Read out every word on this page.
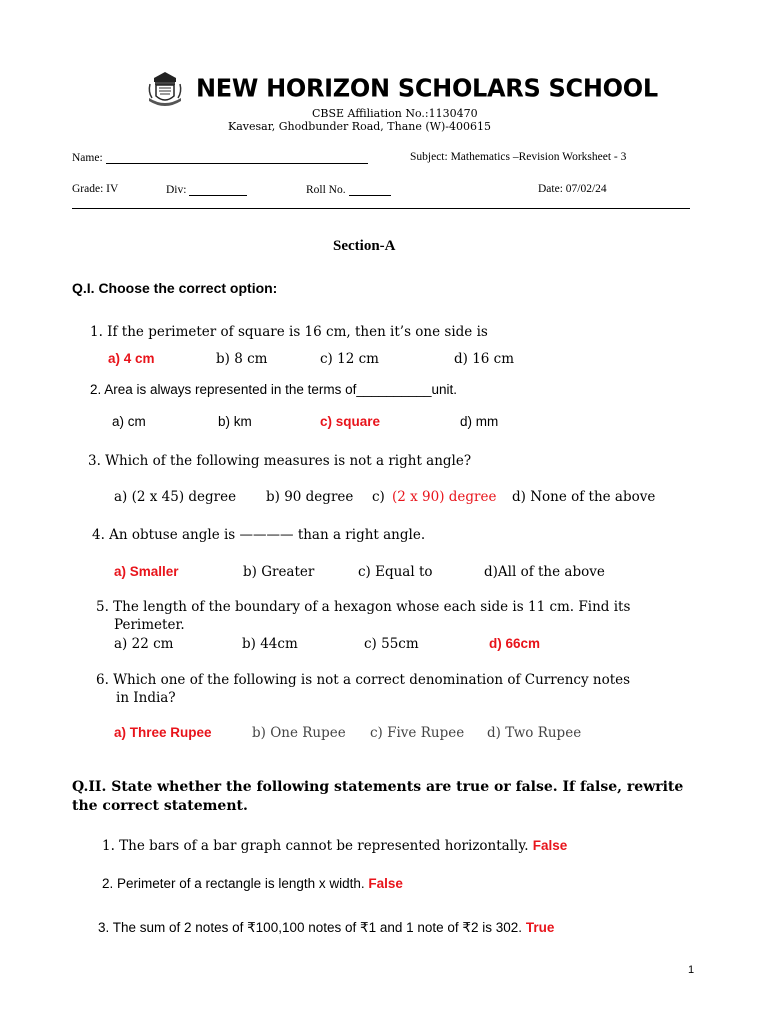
NEW HORIZON SCHOLARS SCHOOL
CBSE Affiliation No.:1130470
Kavesar, Ghodbunder Road, Thane (W)-400615
Name:	Subject: Mathematics –Revision Worksheet - 3
Grade: IV	Div:	Roll No.	Date: 07/02/24
Section-A
Q.I. Choose the correct option:
1. If the perimeter of square is 16 cm, then it’s one side is
a) 4 cm	b) 8 cm	c) 12 cm	d) 16 cm
2. Area is always represented in the terms of__________unit.
a) cm	b) km	c) square	d) mm
3. Which of the following measures is not a right angle?
a) (2 x 45) degree b) 90 degree c) (2 x 90) degree d) None of the above
4. An obtuse angle is ———— than a right angle.
a) Smaller	b) Greater	c) Equal to	d)All of the above
5. The length of the boundary of a hexagon whose each side is 11 cm. Find its
Perimeter.
a) 22 cm	b) 44cm	c) 55cm	d) 66cm
6. Which one of the following is not a correct denomination of Currency notes
in India?
a) Three Rupee	b) One Rupee c) Five Rupee d) Two Rupee
Q.II. State whether the following statements are true or false. If false, rewrite the correct statement.
1. The bars of a bar graph cannot be represented horizontally. False
2. Perimeter of a rectangle is length x width. False
3. The sum of 2 notes of ₹100,100 notes of ₹1 and 1 note of ₹2 is 302. True
1
